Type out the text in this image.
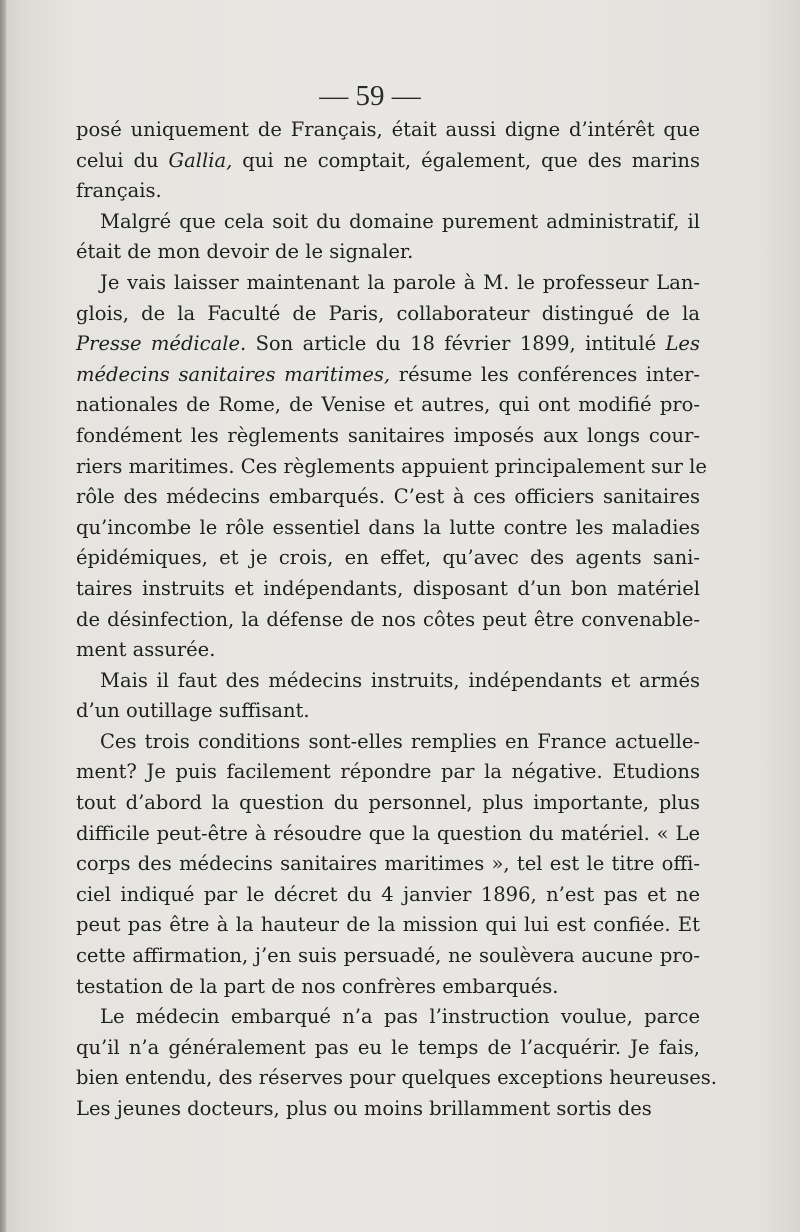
— 59 —
posé uniquement de Français, était aussi digne d’intérêt que
celui du Gallia, qui ne comptait, également, que des marins
français.
Malgré que cela soit du domaine purement administratif, il
était de mon devoir de le signaler.
Je vais laisser maintenant la parole à M. le professeur Lan-
glois, de la Faculté de Paris, collaborateur distingué de la
Presse médicale. Son article du 18 février 1899, intitulé Les
médecins sanitaires maritimes, résume les conférences inter-
nationales de Rome, de Venise et autres, qui ont modifié pro-
fondément les règlements sanitaires imposés aux longs cour-
riers maritimes. Ces règlements appuient principalement sur le
rôle des médecins embarqués. C’est à ces officiers sanitaires
qu’incombe le rôle essentiel dans la lutte contre les maladies
épidémiques, et je crois, en effet, qu’avec des agents sani-
taires instruits et indépendants, disposant d’un bon matériel
de désinfection, la défense de nos côtes peut être convenable-
ment assurée.
Mais il faut des médecins instruits, indépendants et armés
d’un outillage suffisant.
Ces trois conditions sont-elles remplies en France actuelle-
ment? Je puis facilement répondre par la négative. Etudions
tout d’abord la question du personnel, plus importante, plus
difficile peut-être à résoudre que la question du matériel. « Le
corps des médecins sanitaires maritimes », tel est le titre offi-
ciel indiqué par le décret du 4 janvier 1896, n’est pas et ne
peut pas être à la hauteur de la mission qui lui est confiée. Et
cette affirmation, j’en suis persuadé, ne soulèvera aucune pro-
testation de la part de nos confrères embarqués.
Le médecin embarqué n’a pas l’instruction voulue, parce
qu’il n’a généralement pas eu le temps de l’acquérir. Je fais,
bien entendu, des réserves pour quelques exceptions heureuses.
Les jeunes docteurs, plus ou moins brillamment sortis des
